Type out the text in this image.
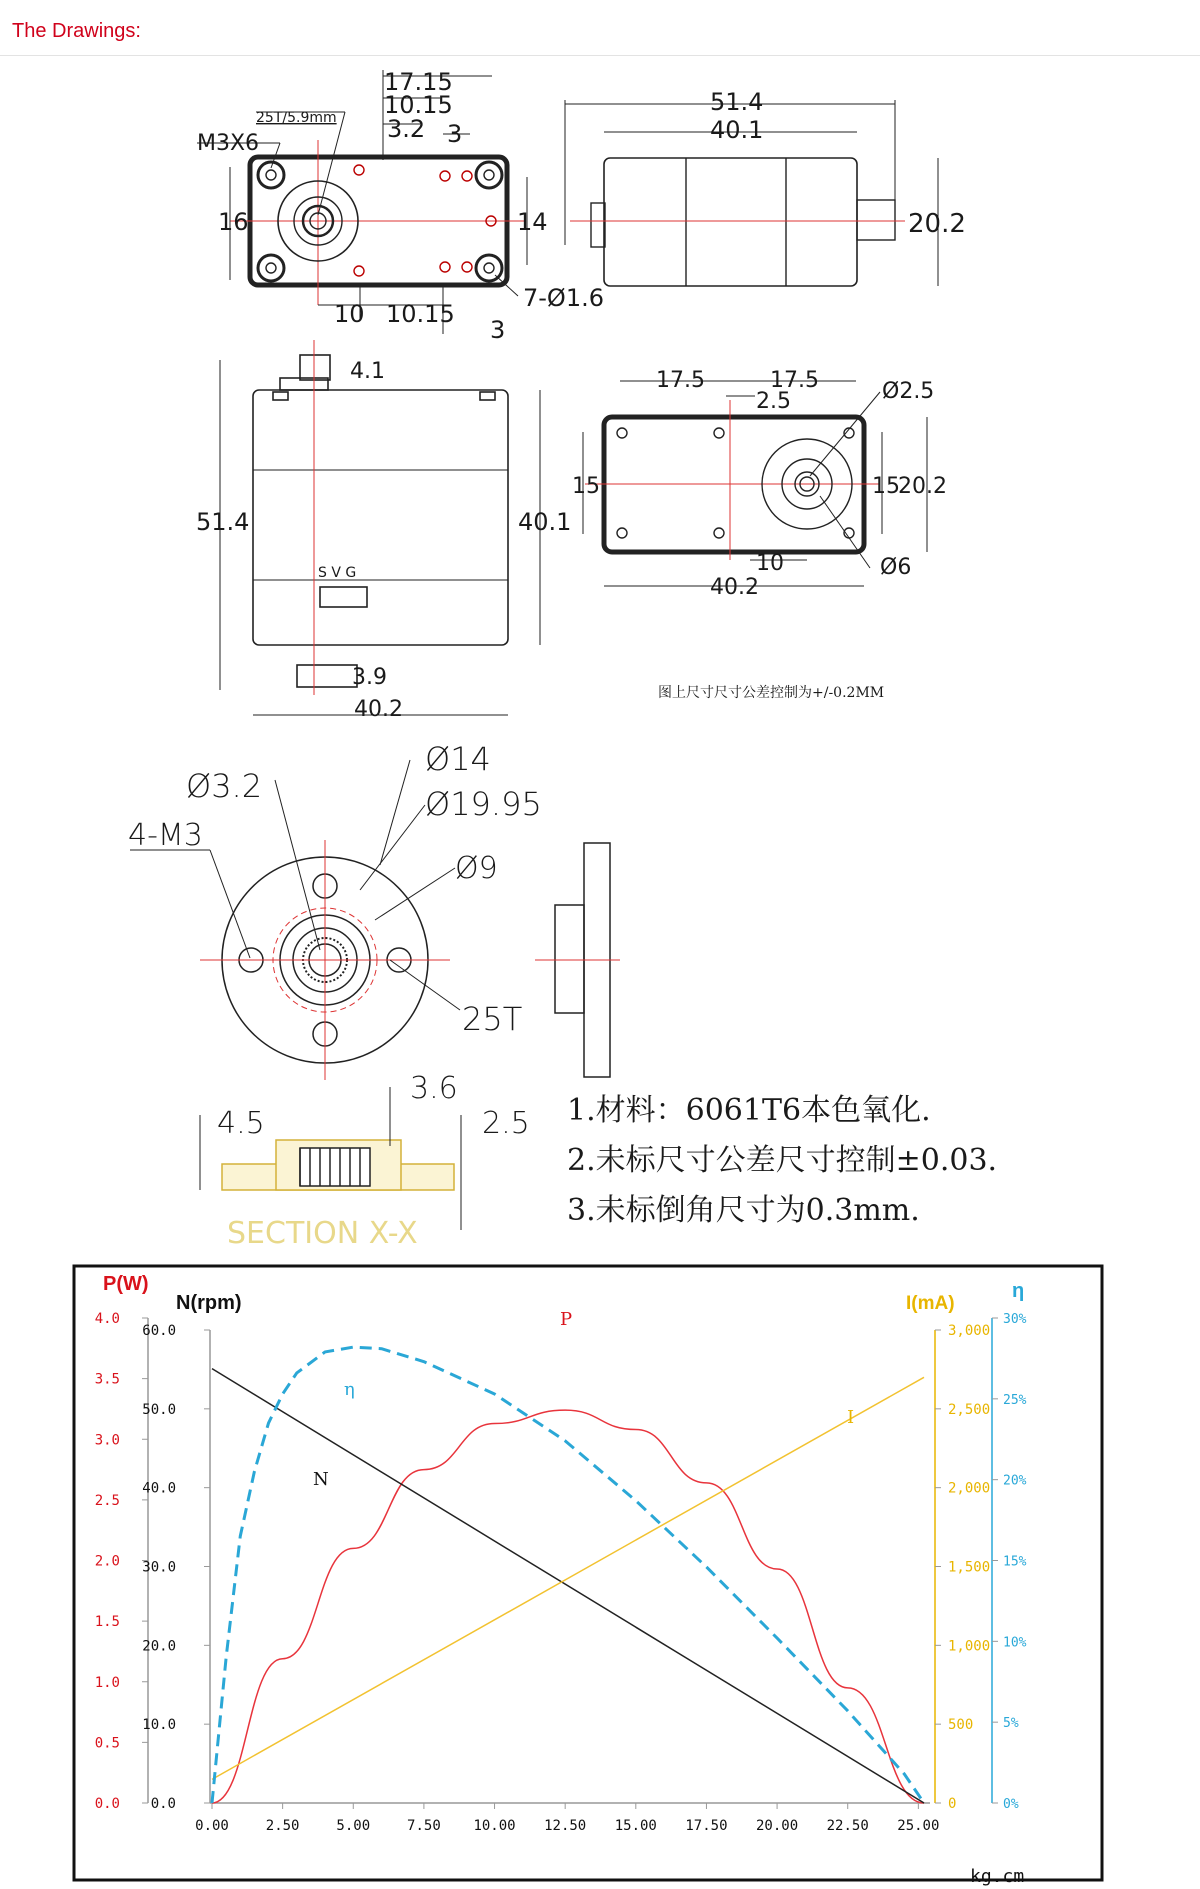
The Drawings:
17.15
10.15
3.2 3
25T/5.9mm
M3X6
16	14
10 10.15
3
7-Ø1.6
51.4
40.1
20.2
4.1
51.4	40.1
S V G
3.9
40.2
17.5	17.5
2.5	Ø2.5
15	15
20.2
10
40.2
Ø6
图上尺寸尺寸公差控制为+/-0.2MM
Ø3.2
4-M3
Ø14
Ø19.95
Ø9
25T
4.5
3.6
2.5
SECTION X-X
1.材料：6061T6本色氧化.
2.未标尺寸公差尺寸控制±0.03.
3.未标倒角尺寸为0.3mm.
P(W)
N(rpm)	I(mA)
η
kg.cm
4.0
3.5
3.0
2.5
2.0
1.5
1.0
0.5
0.0
60.0
50.0
40.0
30.0
20.0
10.0
0.0
3,000
2,500
2,000
1,500
1,000
500
0
30%
25%
20%
15%
10%
5%
0%
0.00	2.50	5.00	7.50 10.00 12.50 15.00 17.50 20.00 22.50 25.00
P
N
I
η
